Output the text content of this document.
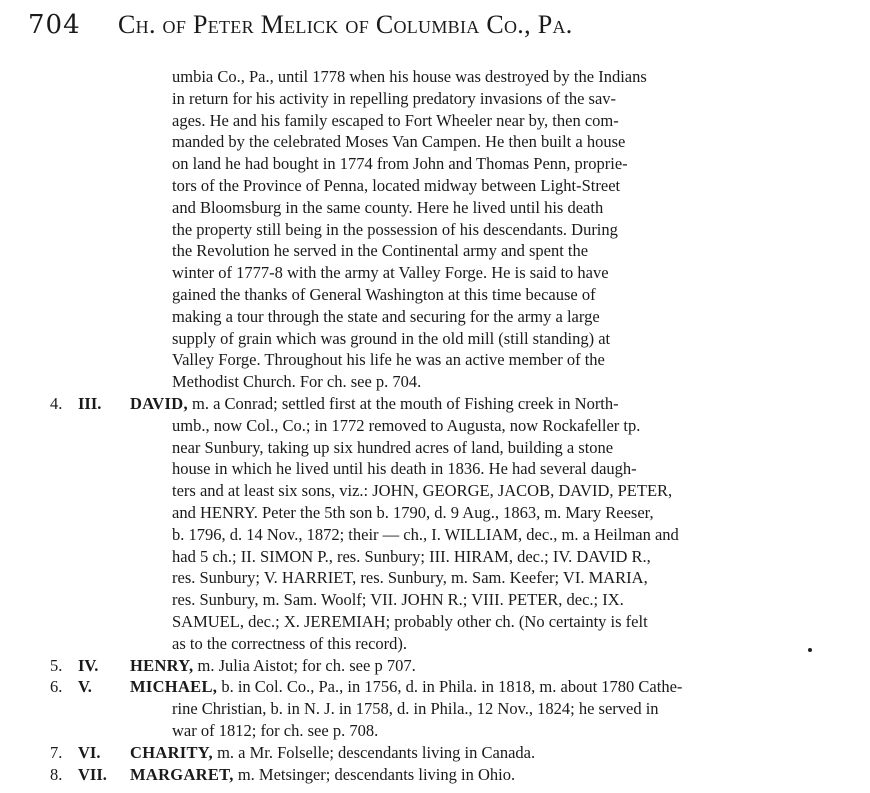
704 Ch. of Peter Melick of Columbia Co., Pa.
umbia Co., Pa., until 1778 when his house was destroyed by the Indians
in return for his activity in repelling predatory invasions of the sav-
ages. He and his family escaped to Fort Wheeler near by, then com-
manded by the celebrated Moses Van Campen. He then built a house
on land he had bought in 1774 from John and Thomas Penn, proprie-
tors of the Province of Penna, located midway between Light-Street
and Bloomsburg in the same county. Here he lived until his death
the property still being in the possession of his descendants. During
the Revolution he served in the Continental army and spent the
winter of 1777-8 with the army at Valley Forge. He is said to have
gained the thanks of General Washington at this time because of
making a tour through the state and securing for the army a large
supply of grain which was ground in the old mill (still standing) at
Valley Forge. Throughout his life he was an active member of the
Methodist Church. For ch. see p. 704.
4. III.	DAVID, m. a Conrad; settled first at the mouth of Fishing creek in North-
umb., now Col., Co.; in 1772 removed to Augusta, now Rockafeller tp.
near Sunbury, taking up six hundred acres of land, building a stone
house in which he lived until his death in 1836. He had several daugh-
ters and at least six sons, viz.: JOHN, GEORGE, JACOB, DAVID, PETER,
and HENRY. Peter the 5th son b. 1790, d. 9 Aug., 1863, m. Mary Reeser,
b. 1796, d. 14 Nov., 1872; their — ch., I. WILLIAM, dec., m. a Heilman and
had 5 ch.; II. SIMON P., res. Sunbury; III. HIRAM, dec.; IV. DAVID R.,
res. Sunbury; V. HARRIET, res. Sunbury, m. Sam. Keefer; VI. MARIA,
res. Sunbury, m. Sam. Woolf; VII. JOHN R.; VIII. PETER, dec.; IX.
SAMUEL, dec.; X. JEREMIAH; probably other ch. (No certainty is felt
as to the correctness of this record).
5. IV.	HENRY, m. Julia Aistot; for ch. see p 707.
6. V.	MICHAEL, b. in Col. Co., Pa., in 1756, d. in Phila. in 1818, m. about 1780 Cathe-
rine Christian, b. in N. J. in 1758, d. in Phila., 12 Nov., 1824; he served in
war of 1812; for ch. see p. 708.
7. VI.	CHARITY, m. a Mr. Folselle; descendants living in Canada.
8. VII.	MARGARET, m. Metsinger; descendants living in Ohio.
